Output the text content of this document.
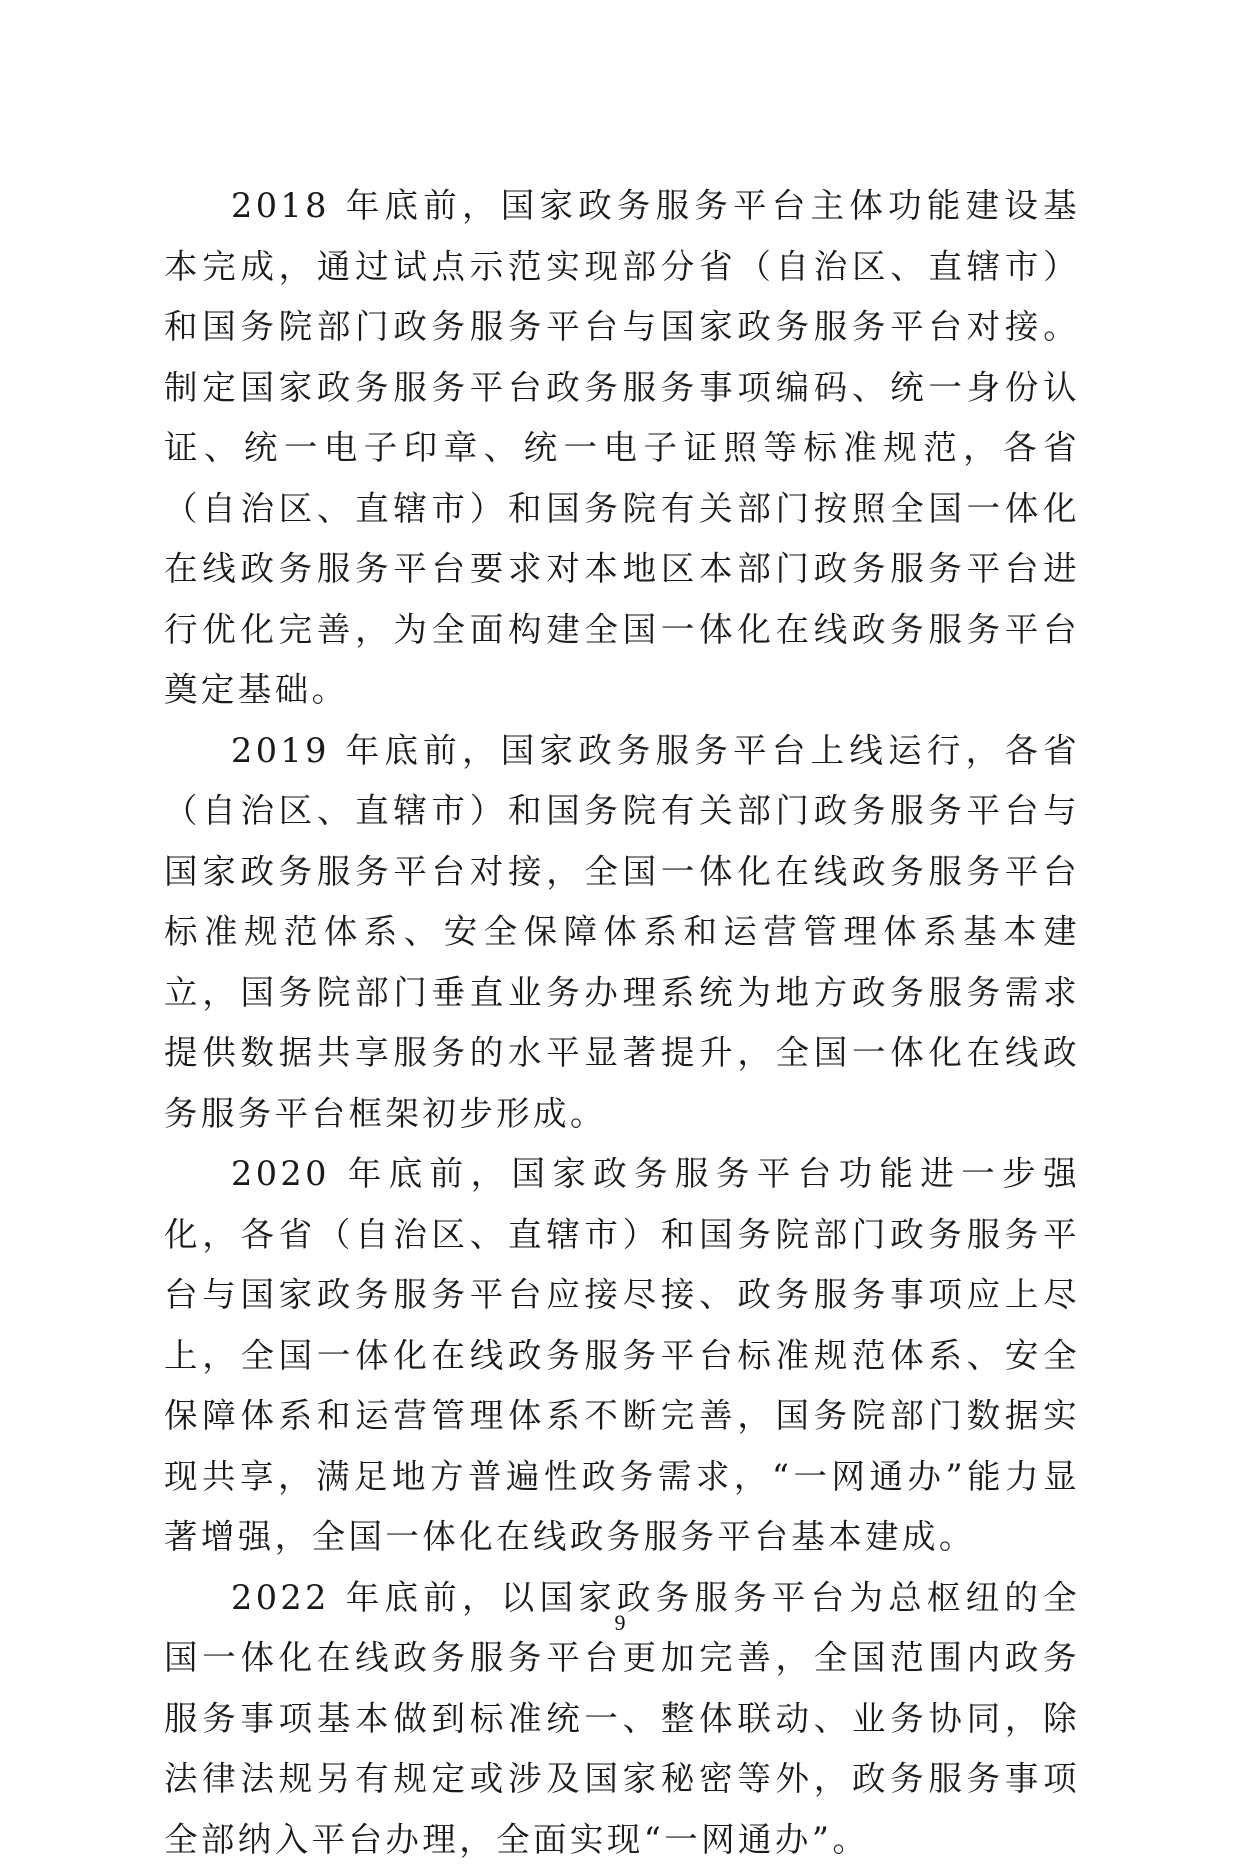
2018 年底前，国家政务服务平台主体功能建设基本完成，通过试点示范实现部分省（自治区、直辖市）和国务院部门政务服务平台与国家政务服务平台对接。制定国家政务服务平台政务服务事项编码、统一身份认证、统一电子印章、统一电子证照等标准规范，各省（自治区、直辖市）和国务院有关部门按照全国一体化在线政务服务平台要求对本地区本部门政务服务平台进行优化完善，为全面构建全国一体化在线政务服务平台奠定基础。

2019 年底前，国家政务服务平台上线运行，各省（自治区、直辖市）和国务院有关部门政务服务平台与国家政务服务平台对接，全国一体化在线政务服务平台标准规范体系、安全保障体系和运营管理体系基本建立，国务院部门垂直业务办理系统为地方政务服务需求提供数据共享服务的水平显著提升，全国一体化在线政务服务平台框架初步形成。

2020 年底前，国家政务服务平台功能进一步强化，各省（自治区、直辖市）和国务院部门政务服务平台与国家政务服务平台应接尽接、政务服务事项应上尽上，全国一体化在线政务服务平台标准规范体系、安全保障体系和运营管理体系不断完善，国务院部门数据实现共享，满足地方普遍性政务需求，“一网通办”能力显著增强，全国一体化在线政务服务平台基本建成。

2022 年底前，以国家政务服务平台为总枢纽的全国一体化在线政务服务平台更加完善，全国范围内政务服务事项基本做到标准统一、整体联动、业务协同，除法律法规另有规定或涉及国家秘密等外，政务服务事项全部纳入平台办理，全面实现“一网通办”。

9
